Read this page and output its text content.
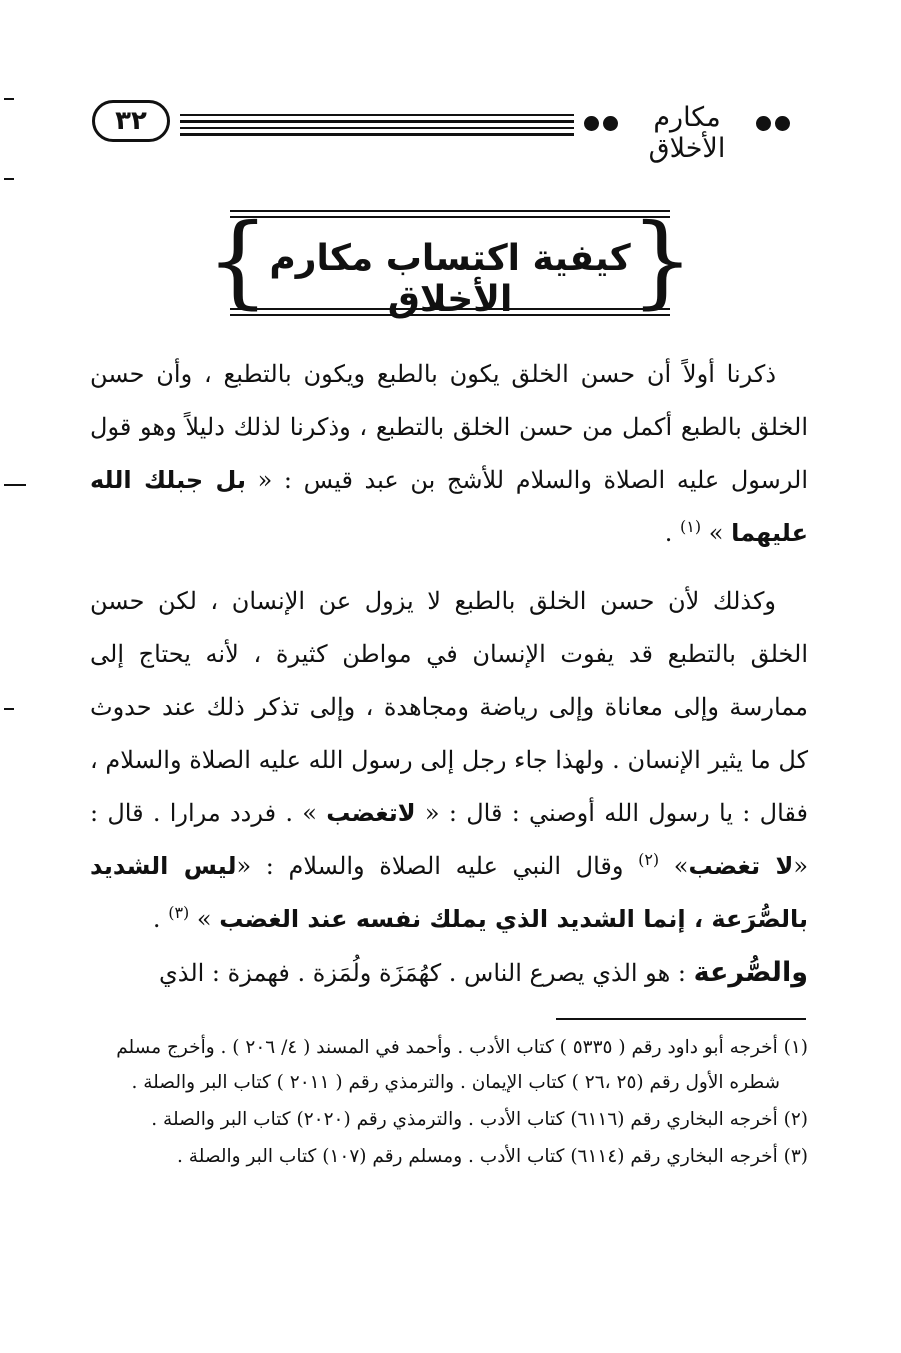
٣٢	مكارم الأخلاق
{	}
كيفية اكتساب مكارم الأخلاق

ذكرنا أولاً أن حسن الخلق يكون بالطبع ويكون بالتطبع ، وأن حسن الخلق بالطبع أكمل من حسن الخلق بالتطبع ، وذكرنا لذلك دليلاً وهو قول الرسول عليه الصلاة والسلام للأشج بن عبد قيس : « بل جبلك الله عليهما » $^{(١)}$ .

وكذلك لأن حسن الخلق بالطبع لا يزول عن الإنسان ، لكن حسن الخلق بالتطبع قد يفوت الإنسان في مواطن كثيرة ، لأنه يحتاج إلى ممارسة وإلى معاناة وإلى رياضة ومجاهدة ، وإلى تذكر ذلك عند حدوث كل ما يثير الإنسان . ولهذا جاء رجل إلى رسول الله عليه الصلاة والسلام ، فقال : يا رسول الله أوصني : قال : « لاتغضب » . فردد مرارا . قال : «لا تغضب» $^{(٢)}$ وقال النبي عليه الصلاة والسلام : «ليس الشديد بالصُّرَعة ، إنما الشديد الذي يملك نفسه عند الغضب » $^{(٣)}$ .

والصُّرعة : هو الذي يصرع الناس . كهُمَزَة ولُمَزة . فهمزة : الذي

(١) أخرجه أبو داود رقم ( ٥٣٣٥ ) كتاب الأدب . وأحمد في المسند ( ٤/ ٢٠٦ ) . وأخرج مسلم شطره الأول رقم (٢٥ ،٢٦ ) كتاب الإيمان . والترمذي رقم ( ٢٠١١ ) كتاب البر والصلة .

(٢) أخرجه البخاري رقم (٦١١٦) كتاب الأدب . والترمذي رقم (٢٠٢٠) كتاب البر والصلة .

(٣) أخرجه البخاري رقم (٦١١٤) كتاب الأدب . ومسلم رقم (١٠٧) كتاب البر والصلة .
